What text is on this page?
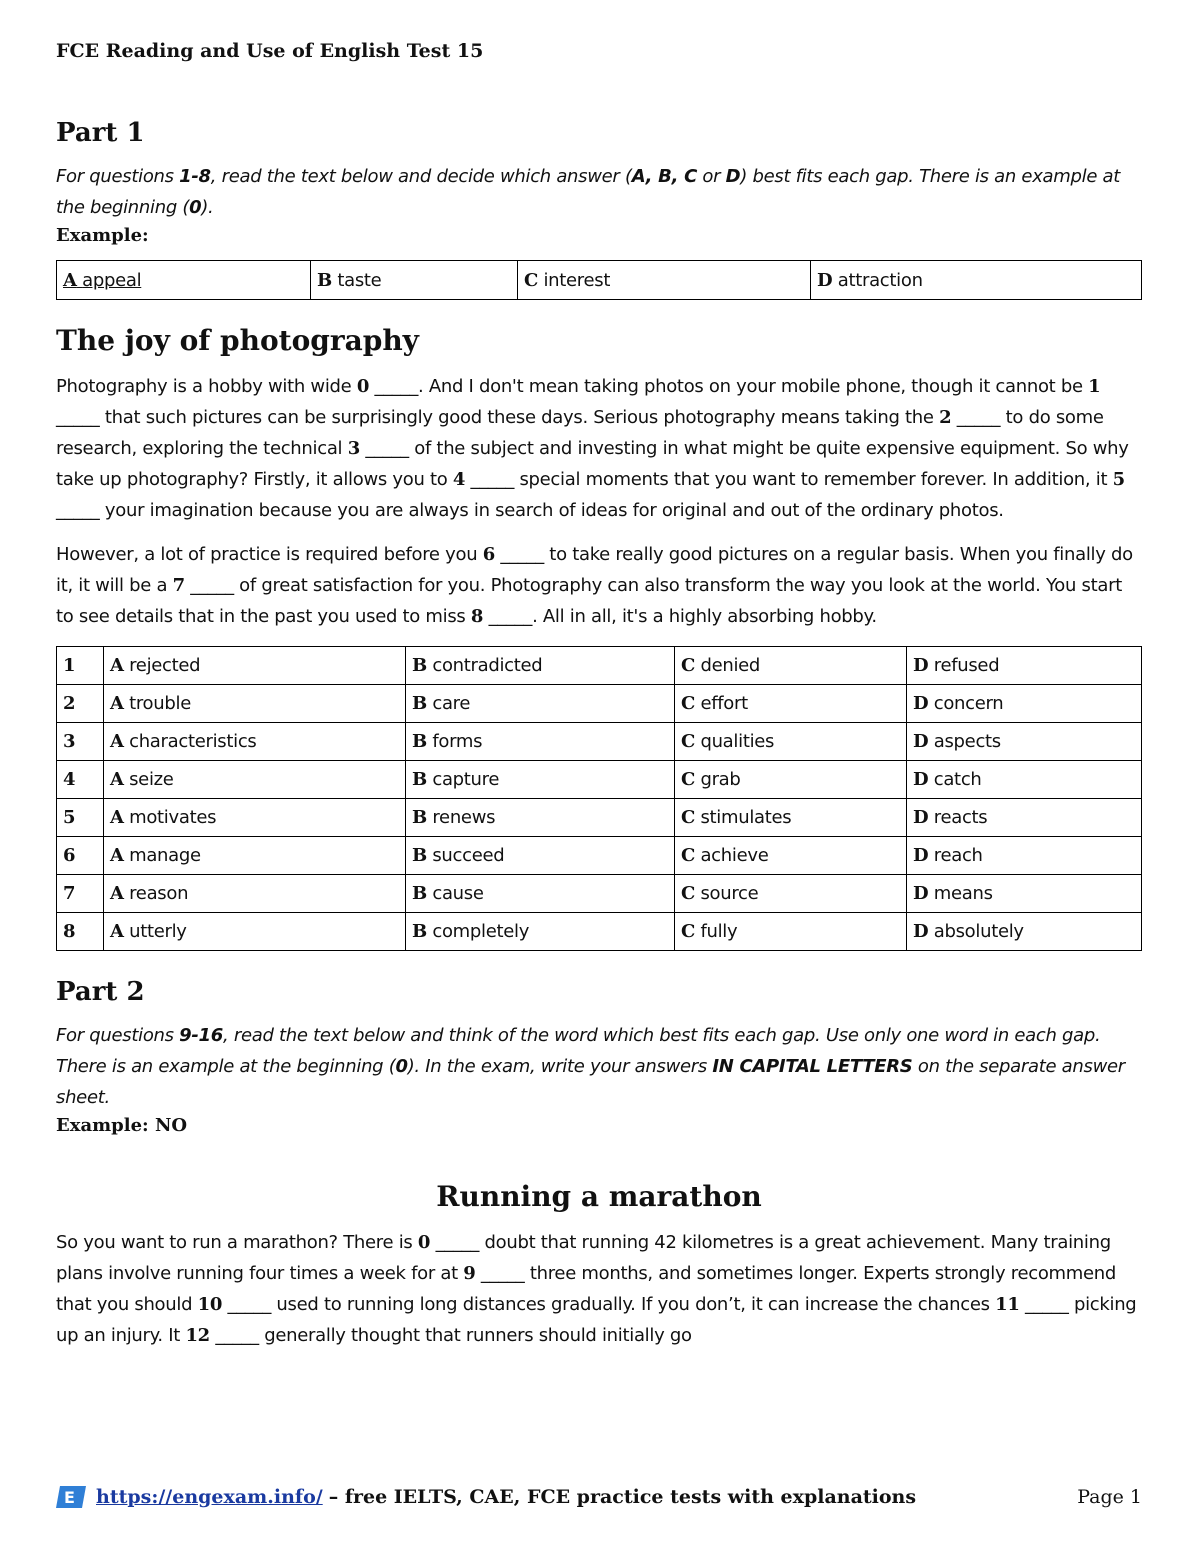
FCE Reading and Use of English Test 15
Part 1

For questions 1-8, read the text below and decide which answer (A, B, C or D) best fits each gap. There is an example at the beginning (0).

Example:
A appeal	B taste	C interest	D attraction
The joy of photography

Photography is a hobby with wide 0 _____. And I don't mean taking photos on your mobile phone, though it cannot be 1 _____ that such pictures can be surprisingly good these days. Serious photography means taking the 2 _____ to do some research, exploring the technical 3 _____ of the subject and investing in what might be quite expensive equipment. So why take up photography? Firstly, it allows you to 4 _____ special moments that you want to remember forever. In addition, it 5 _____ your imagination because you are always in search of ideas for original and out of the ordinary photos.

However, a lot of practice is required before you 6 _____ to take really good pictures on a regular basis. When you finally do it, it will be a 7 _____ of great satisfaction for you. Photography can also transform the way you look at the world. You start to see details that in the past you used to miss 8 _____. All in all, it's a highly absorbing hobby.

1	A rejected	B contradicted	C denied	D refused
2	A trouble	B care	C effort	D concern
3	A characteristics	B forms	C qualities	D aspects
4	A seize	B capture	C grab	D catch
5	A motivates	B renews	C stimulates	D reacts
6	A manage	B succeed	C achieve	D reach
7	A reason	B cause	C source	D means
8	A utterly	B completely	C fully	D absolutely
Part 2

For questions 9-16, read the text below and think of the word which best fits each gap. Use only one word in each gap. There is an example at the beginning (0). In the exam, write your answers IN CAPITAL LETTERS on the separate answer sheet.

Example: NO
Running a marathon

So you want to run a marathon? There is 0 _____ doubt that running 42 kilometres is a great achievement. Many training plans involve running four times a week for at 9 _____ three months, and sometimes longer. Experts strongly recommend that you should 10 _____ used to running long distances gradually. If you don’t, it can increase the chances 11 _____ picking up an injury. It 12 _____ generally thought that runners should initially go

E https://engexam.info/ – free IELTS, CAE, FCE practice tests with explanations	Page 1
